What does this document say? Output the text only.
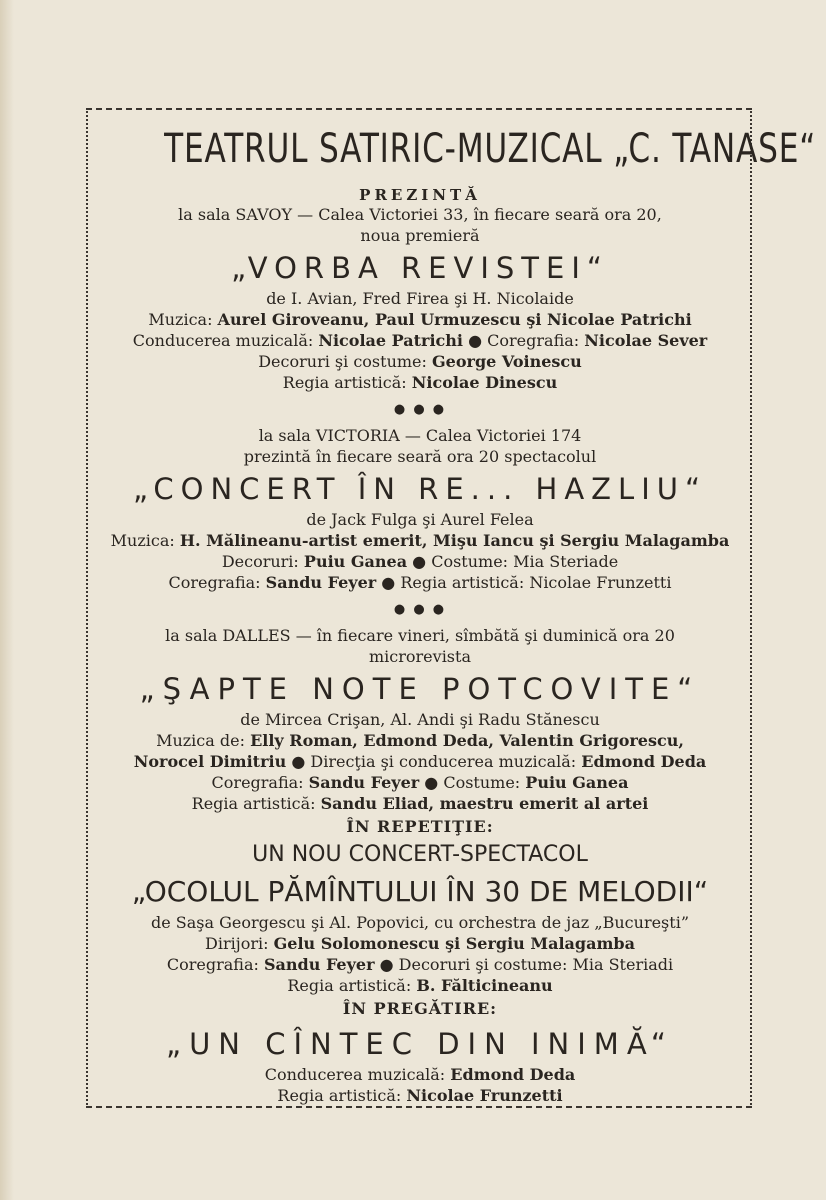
TEATRUL SATIRIC-MUZICAL „C. TANASE“
PREZINTĂ
la sala SAVOY — Calea Victoriei 33, în fiecare seară ora 20,
noua premieră
„VORBA REVISTEI“
de I. Avian, Fred Firea şi H. Nicolaide
Muzica: Aurel Giroveanu, Paul Urmuzescu şi Nicolae Patrichi
Conducerea muzicală: Nicolae Patrichi ● Coregrafia: Nicolae Sever
Decoruri şi costume: George Voinescu
Regia artistică: Nicolae Dinescu
● ● ●
la sala VICTORIA — Calea Victoriei 174
prezintă în fiecare seară ora 20 spectacolul
„CONCERT ÎN RE... HAZLIU“
de Jack Fulga şi Aurel Felea
Muzica: H. Mălineanu-artist emerit, Mişu Iancu şi Sergiu Malagamba
Decoruri: Puiu Ganea ● Costume: Mia Steriade
Coregrafia: Sandu Feyer ● Regia artistică: Nicolae Frunzetti
● ● ●
la sala DALLES — în fiecare vineri, sîmbătă şi duminică ora 20
microrevista
„ŞAPTE NOTE POTCOVITE“
de Mircea Crişan, Al. Andi şi Radu Stănescu
Muzica de: Elly Roman, Edmond Deda, Valentin Grigorescu,
Norocel Dimitriu ● Direcţia şi conducerea muzicală: Edmond Deda
Coregrafia: Sandu Feyer ● Costume: Puiu Ganea
Regia artistică: Sandu Eliad, maestru emerit al artei
ÎN REPETIŢIE:
UN NOU CONCERT-SPECTACOL
„OCOLUL PĂMÎNTULUI ÎN 30 DE MELODII“
de Saşa Georgescu şi Al. Popovici, cu orchestra de jaz „Bucureşti”
Dirijori: Gelu Solomonescu şi Sergiu Malagamba
Coregrafia: Sandu Feyer ● Decoruri şi costume: Mia Steriadi
Regia artistică: B. Fălticineanu
ÎN PREGĂTIRE:
„UN CÎNTEC DIN INIMĂ“
Conducerea muzicală: Edmond Deda
Regia artistică: Nicolae Frunzetti
